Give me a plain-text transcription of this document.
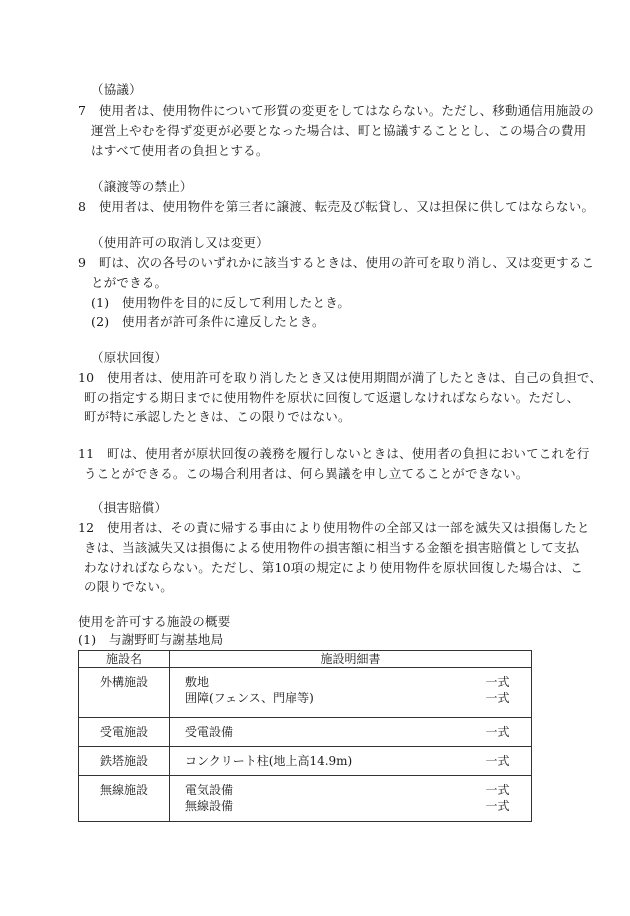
（協議）
7　使用者は、使用物件について形質の変更をしてはならない。ただし、移動通信用施設の
運営上やむを得ず変更が必要となった場合は、町と協議することとし、この場合の費用
はすべて使用者の負担とする。
（譲渡等の禁止）
8　使用者は、使用物件を第三者に譲渡、転売及び転貸し、又は担保に供してはならない。
（使用許可の取消し又は変更）
9　町は、次の各号のいずれかに該当するときは、使用の許可を取り消し、又は変更するこ
とができる。
(1)　使用物件を目的に反して利用したとき。
(2)　使用者が許可条件に違反したとき。
（原状回復）
10　使用者は、使用許可を取り消したとき又は使用期間が満了したときは、自己の負担で、
町の指定する期日までに使用物件を原状に回復して返還しなければならない。ただし、
町が特に承認したときは、この限りではない。
11　町は、使用者が原状回復の義務を履行しないときは、使用者の負担においてこれを行
うことができる。この場合利用者は、何ら異議を申し立てることができない。
（損害賠償）
12　使用者は、その責に帰する事由により使用物件の全部又は一部を滅失又は損傷したと
きは、当該滅失又は損傷による使用物件の損害額に相当する金額を損害賠償として支払
わなければならない。ただし、第10項の規定により使用物件を原状回復した場合は、こ
の限りでない。
使用を許可する施設の概要
(1)　与謝野町与謝基地局
施設名	施設明細書

外構施設	敷地 一式
囲障(フェンス、門扉等) 一式

受電施設	受電設備 一式

鉄塔施設	コンクリート柱(地上高14.9m) 一式

無線施設	電気設備 一式
無線設備 一式
